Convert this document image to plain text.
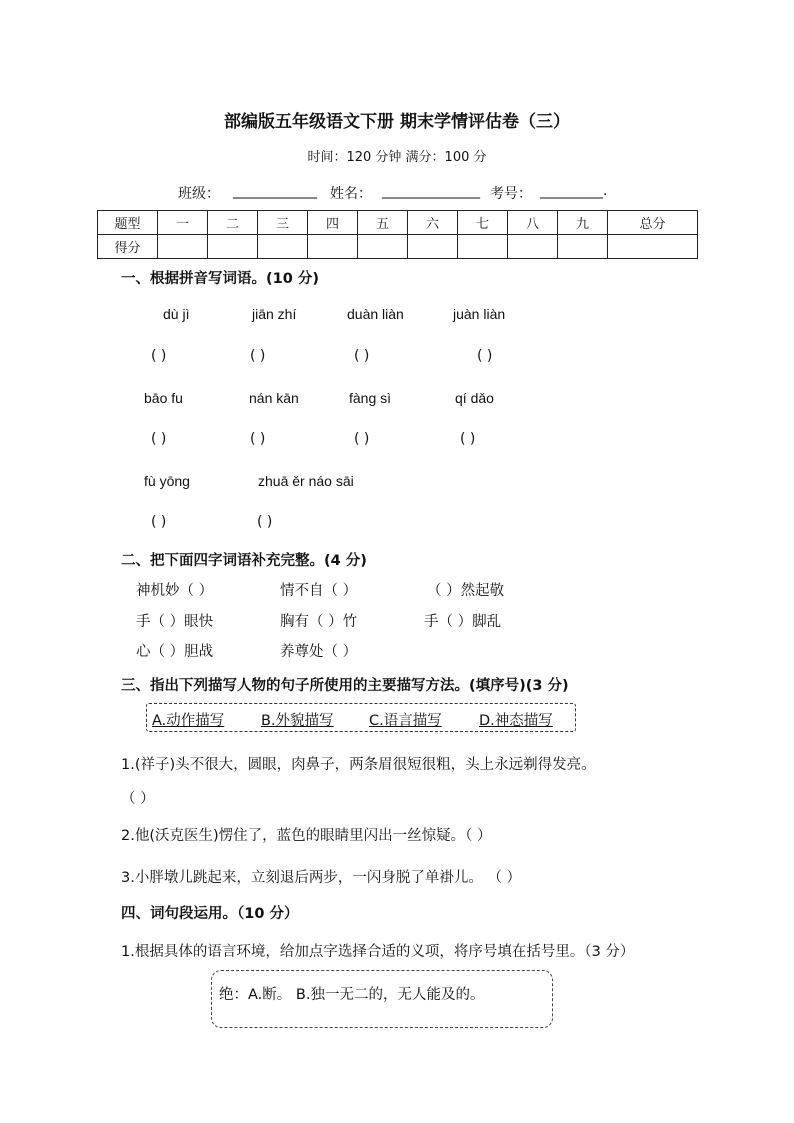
部编版五年级语文下册 期末学情评估卷（三）
时间：120 分钟 满分：100 分
班级： ____________ 姓名： ______________ 考号： _________.
题型	一	二	三	四	五	六	七	八	九	总分
得分										
一、根据拼音写词语。(10 分)
dù jì	jiān zhí	duàn liàn	juàn liàn
( )	( )	( )	( )
bāo fu	nán kān	fànɡ sì	qí dǎo
( )	( )	( )	( )
fù yōnɡ	zhuā ěr náo sāi
( )	( )
二、把下面四字词语补充完整。(4 分)
神机妙（ ）	情不自（ ）	（ ）然起敬
手（ ）眼快	胸有（ ）竹	手（ ）脚乱
心（ ）胆战	养尊处（ ）
三、指出下列描写人物的句子所使用的主要描写方法。(填序号)(3 分)
A.动作描写	B.外貌描写 C.语言描写	D.神态描写
1.(祥子)头不很大，圆眼，肉鼻子，两条眉很短很粗，头上永远剃得发亮。
（ ）
2.他(沃克医生)愣住了，蓝色的眼睛里闪出一丝惊疑。（ ）
3.小胖墩儿跳起来，立刻退后两步，一闪身脱了单褂儿。 （ ）
四、词句段运用。（10 分）
1.根据具体的语言环境，给加点字选择合适的义项，将序号填在括号里。（3 分）
绝：A.断。 B.独一无二的，无人能及的。
